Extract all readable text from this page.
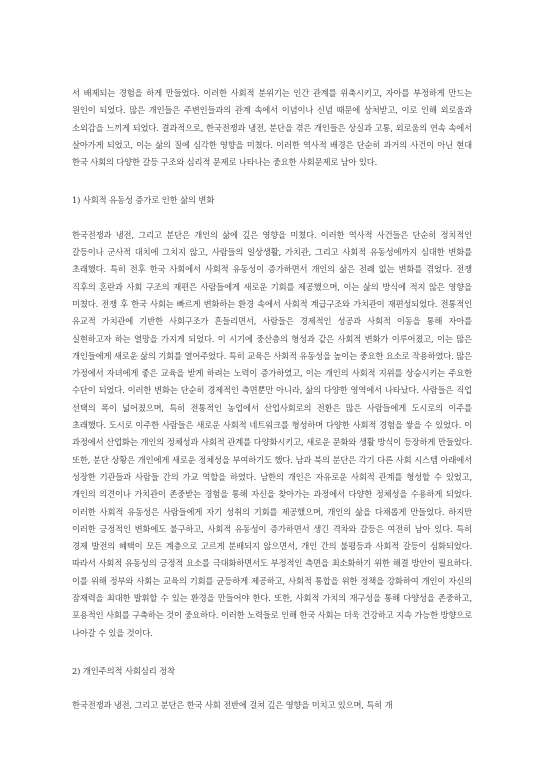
서 배제되는 경험을 하게 만들었다. 이러한 사회적 분위기는 인간 관계를 위축시키고, 자아를 부정하게 만드는 원인이 되었다. 많은 개인들은 주변인들과의 관계 속에서 이념이나 신념 때문에 상처받고, 이로 인해 외로움과 소외감을 느끼게 되었다. 결과적으로, 한국전쟁과 냉전, 분단을 겪은 개인들은 상실과 고통, 외로움의 연속 속에서 살아가게 되었고, 이는 삶의 질에 심각한 영향을 미쳤다. 이러한 역사적 배경은 단순히 과거의 사건이 아닌 현대 한국 사회의 다양한 갈등 구조와 심리적 문제로 나타나는 중요한 사회문제로 남아 있다.

1) 사회적 유동성 증가로 인한 삶의 변화

한국전쟁과 냉전, 그리고 분단은 개인의 삶에 깊은 영향을 미쳤다. 이러한 역사적 사건들은 단순히 정치적인 갈등이나 군사적 대치에 그치지 않고, 사람들의 일상생활, 가치관, 그리고 사회적 유동성에까지 심대한 변화를 초래했다. 특히 전후 한국 사회에서 사회적 유동성이 증가하면서 개인의 삶은 전례 없는 변화를 겪었다. 전쟁 직후의 혼란과 사회 구조의 재편은 사람들에게 새로운 기회를 제공했으며, 이는 삶의 방식에 적지 않은 영향을 미쳤다. 전쟁 후 한국 사회는 빠르게 변화하는 환경 속에서 사회적 계급구조와 가치관이 재편성되었다. 전통적인 유교적 가치관에 기반한 사회구조가 흔들리면서, 사람들은 경제적인 성공과 사회적 이동을 통해 자아를 실현하고자 하는 열망을 가지게 되었다. 이 시기에 중산층의 형성과 같은 사회적 변화가 이루어졌고, 이는 많은 개인들에게 새로운 삶의 기회를 열어주었다. 특히 교육은 사회적 유동성을 높이는 중요한 요소로 작용하였다. 많은 가정에서 자녀에게 좋은 교육을 받게 하려는 노력이 증가하였고, 이는 개인의 사회적 지위를 상승시키는 주요한 수단이 되었다. 이러한 변화는 단순히 경제적인 측면뿐만 아니라, 삶의 다양한 영역에서 나타났다. 사람들은 직업 선택의 폭이 넓어졌으며, 특히 전통적인 농업에서 산업사회로의 전환은 많은 사람들에게 도시로의 이주를 초래했다. 도시로 이주한 사람들은 새로운 사회적 네트워크를 형성하며 다양한 사회적 경험을 쌓을 수 있었다. 이 과정에서 산업화는 개인의 정체성과 사회적 관계를 다양화시키고, 새로운 문화와 생활 방식이 등장하게 만들었다. 또한, 분단 상황은 개인에게 새로운 정체성을 부여하기도 했다. 남과 북의 분단은 각기 다른 사회 시스템 아래에서 성장한 기관들과 사람들 간의 가교 역할을 하였다. 남한의 개인은 자유로운 사회적 관계를 형성할 수 있었고, 개인의 의견이나 가치관이 존중받는 경험을 통해 자신을 찾아가는 과정에서 다양한 정체성을 수용하게 되었다. 이러한 사회적 유동성은 사람들에게 자기 성취의 기회를 제공했으며, 개인의 삶을 다채롭게 만들었다. 하지만 이러한 긍정적인 변화에도 불구하고, 사회적 유동성이 증가하면서 생긴 격차와 갈등은 여전히 남아 있다. 특히 경제 발전의 혜택이 모든 계층으로 고르게 분배되지 않으면서, 개인 간의 불평등과 사회적 갈등이 심화되었다. 따라서 사회적 유동성의 긍정적 요소를 극대화하면서도 부정적인 측면을 최소화하기 위한 해결 방안이 필요하다. 이를 위해 정부와 사회는 교육의 기회를 균등하게 제공하고, 사회적 통합을 위한 정책을 강화하여 개인이 자신의 잠재력을 최대한 발휘할 수 있는 환경을 만들어야 한다. 또한, 사회적 가치의 재구성을 통해 다양성을 존중하고, 포용적인 사회를 구축하는 것이 중요하다. 이러한 노력들로 인해 한국 사회는 더욱 건강하고 지속 가능한 방향으로 나아갈 수 있을 것이다.

2) 개인주의적 사회심리 정착

한국전쟁과 냉전, 그리고 분단은 한국 사회 전반에 걸쳐 깊은 영향을 미치고 있으며, 특히 개
